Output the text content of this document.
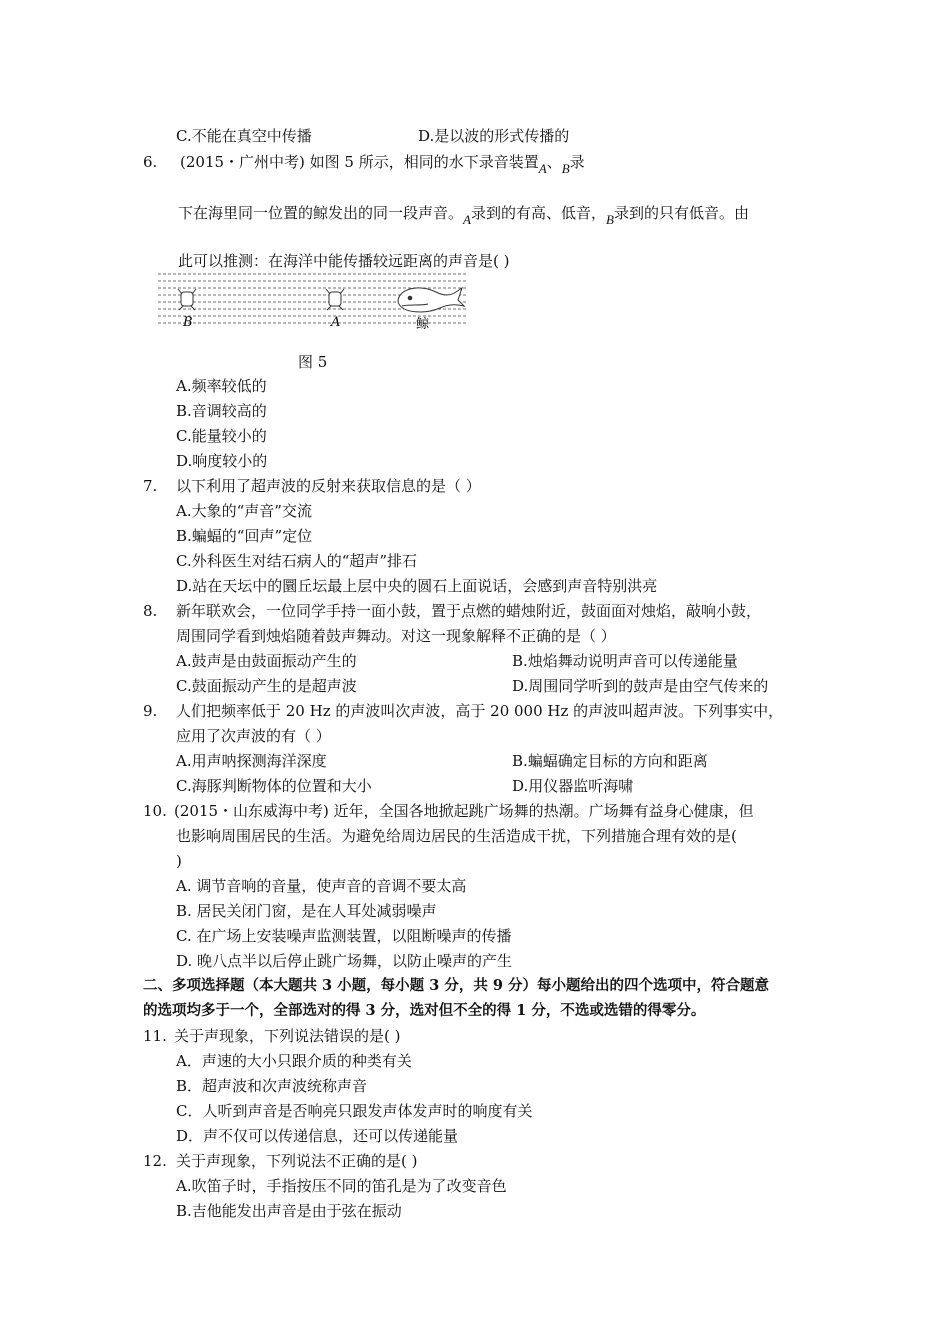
C.不能在真空中传播	D.是以波的形式传播的
6. (2015・广州中考) 如图 5 所示，相同的水下录音装置A、B录
下在海里同一位置的鲸发出的同一段声音。A录到的有高、低音，B录到的只有低音。由
此可以推测：在海洋中能传播较远距离的声音是( )
B	A	鲸
图 5
A.频率较低的
B.音调较高的
C.能量较小的
D.响度较小的
7. 以下利用了超声波的反射来获取信息的是（ ）
A.大象的“声音”交流
B.蝙蝠的“回声”定位
C.外科医生对结石病人的“超声”排石
D.站在天坛中的圜丘坛最上层中央的圆石上面说话，会感到声音特别洪亮
8. 新年联欢会，一位同学手持一面小鼓，置于点燃的蜡烛附近，鼓面面对烛焰，敲响小鼓，
周围同学看到烛焰随着鼓声舞动。对这一现象解释不正确的是（ ）
A.鼓声是由鼓面振动产生的	B.烛焰舞动说明声音可以传递能量
C.鼓面振动产生的是超声波	D.周围同学听到的鼓声是由空气传来的
9. 人们把频率低于 20 Hz 的声波叫次声波，高于 20 000 Hz 的声波叫超声波。下列事实中，
应用了次声波的有（ ）
A.用声呐探测海洋深度	B.蝙蝠确定目标的方向和距离
C.海豚判断物体的位置和大小	D.用仪器监听海啸
10. (2015・山东威海中考) 近年，全国各地掀起跳广场舞的热潮。广场舞有益身心健康，但
也影响周围居民的生活。为避免给周边居民的生活造成干扰，下列措施合理有效的是(
)
A. 调节音响的音量，使声音的音调不要太高
B. 居民关闭门窗，是在人耳处减弱噪声
C. 在广场上安装噪声监测装置，以阻断噪声的传播
D. 晚八点半以后停止跳广场舞，以防止噪声的产生
二、多项选择题（本大题共 3 小题，每小题 3 分，共 9 分）每小题给出的四个选项中，符合题意
的选项均多于一个，全部选对的得 3 分，选对但不全的得 1 分，不选或选错的得零分。
11. 关于声现象，下列说法错误的是( )
A．声速的大小只跟介质的种类有关
B．超声波和次声波统称声音
C．人听到声音是否响亮只跟发声体发声时的响度有关
D．声不仅可以传递信息，还可以传递能量
12. 关于声现象，下列说法不正确的是( )
A.吹笛子时，手指按压不同的笛孔是为了改变音色
B.吉他能发出声音是由于弦在振动
